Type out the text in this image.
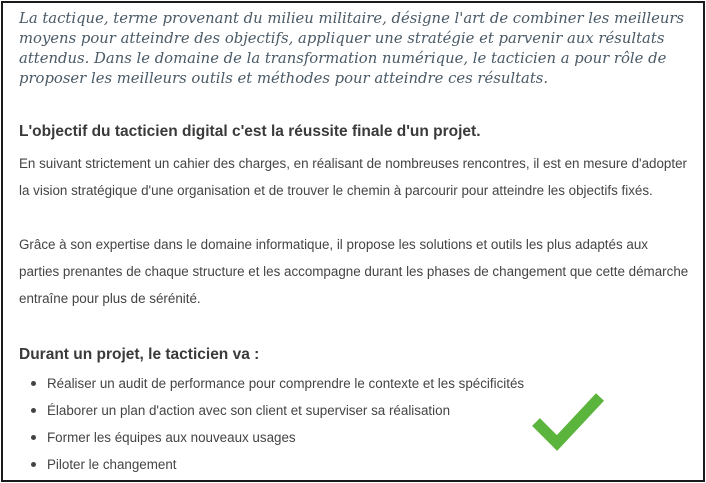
La tactique, terme provenant du milieu militaire, désigne l'art de combiner les meilleurs moyens pour atteindre des objectifs, appliquer une stratégie et parvenir aux résultats attendus. Dans le domaine de la transformation numérique, le tacticien a pour rôle de proposer les meilleurs outils et méthodes pour atteindre ces résultats.

L'objectif du tacticien digital c'est la réussite finale d'un projet.

En suivant strictement un cahier des charges, en réalisant de nombreuses rencontres, il est en mesure d'adopter la vision stratégique d'une organisation et de trouver le chemin à parcourir pour atteindre les objectifs fixés.

Grâce à son expertise dans le domaine informatique, il propose les solutions et outils les plus adaptés aux parties prenantes de chaque structure et les accompagne durant les phases de changement que cette démarche entraîne pour plus de sérénité.

Durant un projet, le tacticien va :
Réaliser un audit de performance pour comprendre le contexte et les spécificités
Élaborer un plan d'action avec son client et superviser sa réalisation
Former les équipes aux nouveaux usages
Piloter le changement
